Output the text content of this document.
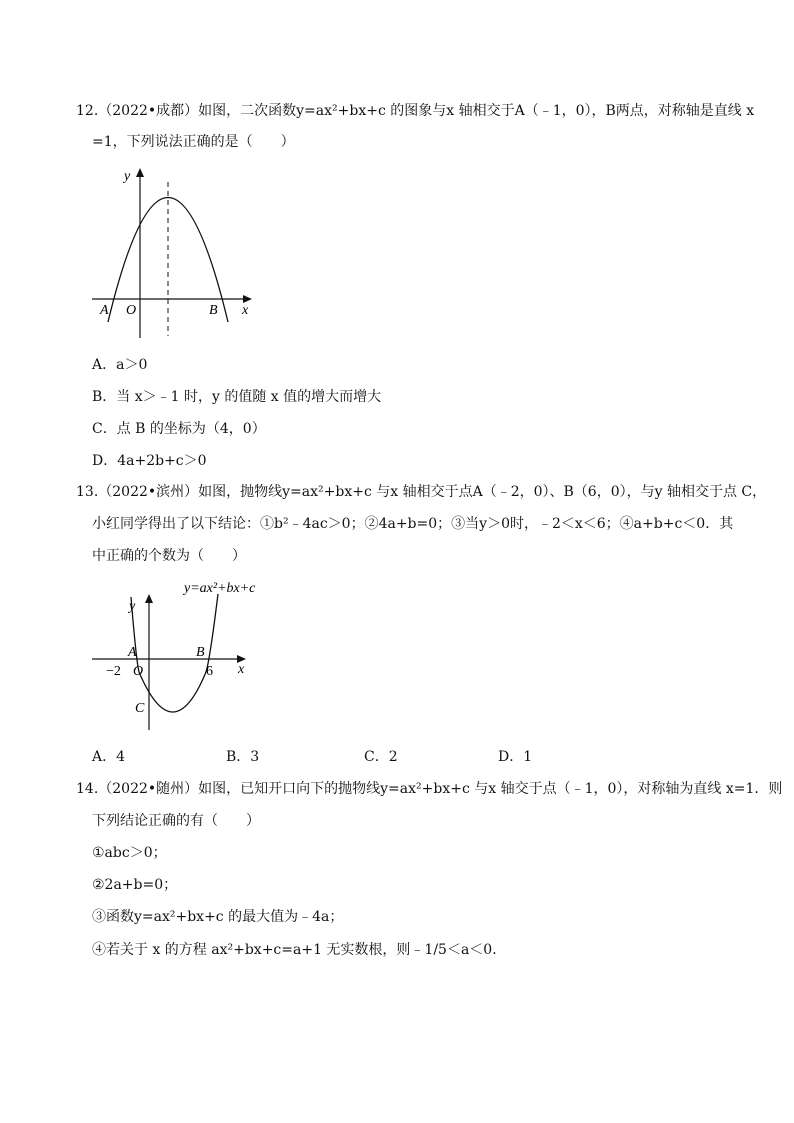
12.（2022•成都）如图，二次函数y=ax²+bx+c 的图象与x 轴相交于A（﹣1，0），B两点，对称轴是直线 x
=1，下列说法正确的是（　　）
y
A O	B x
A．a＞0
B．当 x＞﹣1 时，y 的值随 x 值的增大而增大
C．点 B 的坐标为（4，0）
D．4a+2b+c＞0
13.（2022•滨州）如图，抛物线y=ax²+bx+c 与x 轴相交于点A（﹣2，0）、B（6，0），与y 轴相交于点 C，
小红同学得出了以下结论：①b²﹣4ac＞0；②4a+b=0；③当y＞0时，﹣2＜x＜6；④a+b+c＜0．其
中正确的个数为（　　）
y=ax²+bx+c
y
A	B
−2 O	6 x
C
A．4	B．3	C．2	D．1
14.（2022•随州）如图，已知开口向下的抛物线y=ax²+bx+c 与x 轴交于点（﹣1，0），对称轴为直线 x=1．则
下列结论正确的有（　　）
①abc＞0；
②2a+b=0；
③函数y=ax²+bx+c 的最大值为﹣4a；
④若关于 x 的方程 ax²+bx+c=a+1 无实数根，则﹣1/5＜a＜0．
